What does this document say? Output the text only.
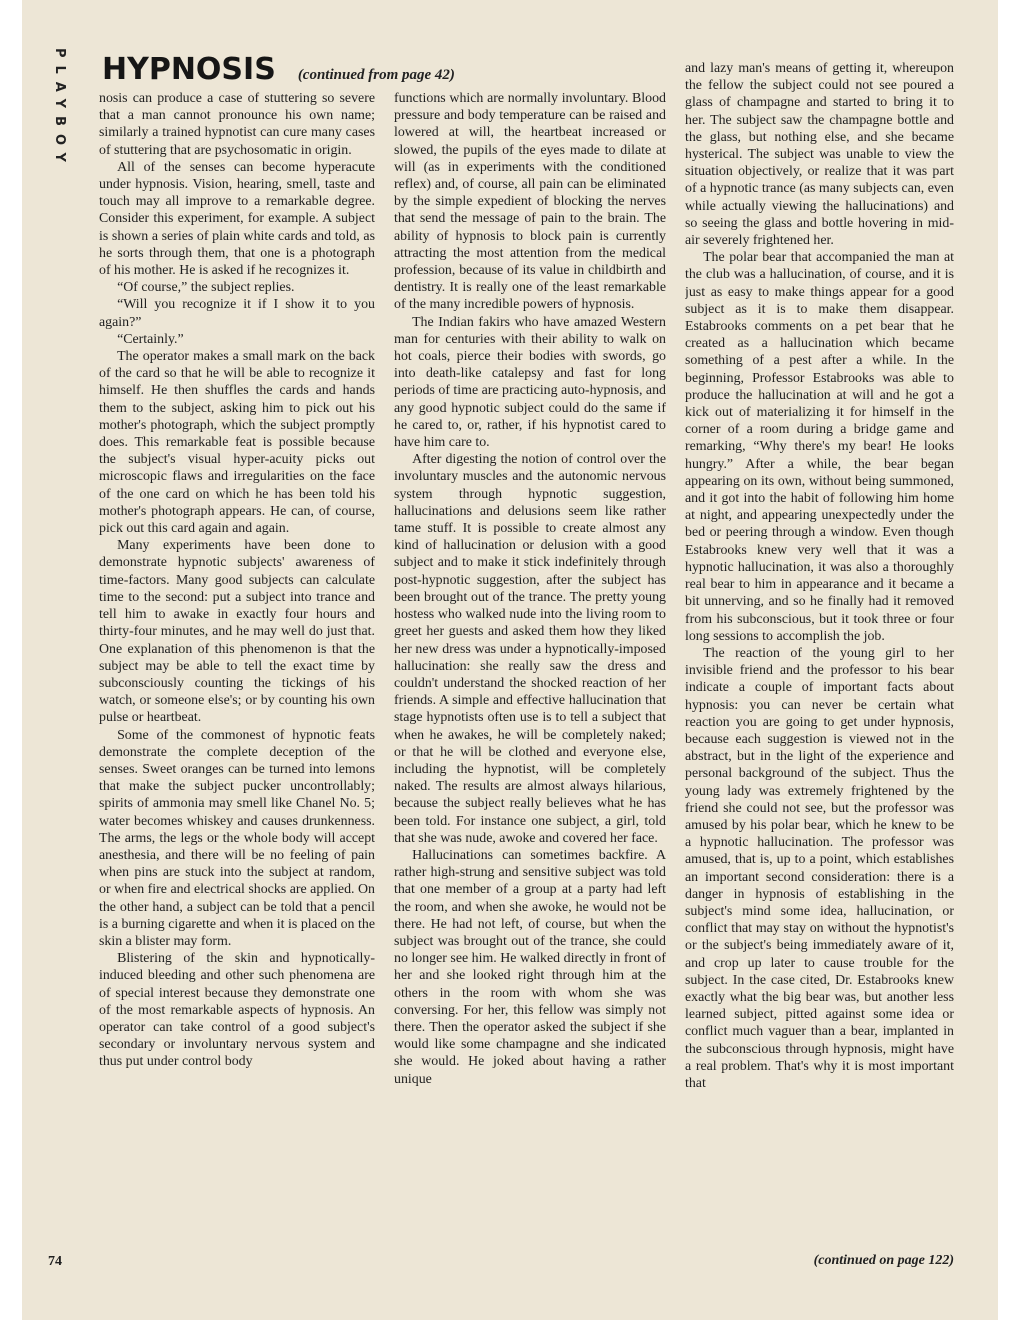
PLAYBOY HYPNOSIS (continued from page 42)

nosis can produce a case of stuttering so severe that a man cannot pronounce his own name; similarly a trained hypnotist can cure many cases of stuttering that are psychosomatic in origin.

All of the senses can become hyperacute under hypnosis. Vision, hearing, smell, taste and touch may all improve to a remarkable degree. Consider this experiment, for example. A subject is shown a series of plain white cards and told, as he sorts through them, that one is a photograph of his mother. He is asked if he recognizes it.

“Of course,” the subject replies.

“Will you recognize it if I show it to you again?”

“Certainly.”

The operator makes a small mark on the back of the card so that he will be able to recognize it himself. He then shuffles the cards and hands them to the subject, asking him to pick out his mother's photograph, which the subject promptly does. This remarkable feat is possible because the subject's visual hyper-acuity picks out microscopic flaws and irregularities on the face of the one card on which he has been told his mother's photograph appears. He can, of course, pick out this card again and again.

Many experiments have been done to demonstrate hypnotic subjects' awareness of time-factors. Many good subjects can calculate time to the second: put a subject into trance and tell him to awake in exactly four hours and thirty-four minutes, and he may well do just that. One explanation of this phenomenon is that the subject may be able to tell the exact time by subconsciously counting the tickings of his watch, or someone else's; or by counting his own pulse or heartbeat.

Some of the commonest of hypnotic feats demonstrate the complete deception of the senses. Sweet oranges can be turned into lemons that make the subject pucker uncontrollably; spirits of ammonia may smell like Chanel No. 5; water becomes whiskey and causes drunkenness. The arms, the legs or the whole body will accept anesthesia, and there will be no feeling of pain when pins are stuck into the subject at random, or when fire and electrical shocks are applied. On the other hand, a subject can be told that a pencil is a burning cigarette and when it is placed on the skin a blister may form.

Blistering of the skin and hypnotically-induced bleeding and other such phenomena are of special interest because they demonstrate one of the most remarkable aspects of hypnosis. An operator can take control of a good subject's secondary or involuntary nervous system and thus put under control body

functions which are normally involuntary. Blood pressure and body temperature can be raised and lowered at will, the heartbeat increased or slowed, the pupils of the eyes made to dilate at will (as in experiments with the conditioned reflex) and, of course, all pain can be eliminated by the simple expedient of blocking the nerves that send the message of pain to the brain. The ability of hypnosis to block pain is currently attracting the most attention from the medical profession, because of its value in childbirth and dentistry. It is really one of the least remarkable of the many incredible powers of hypnosis.

The Indian fakirs who have amazed Western man for centuries with their ability to walk on hot coals, pierce their bodies with swords, go into death-like catalepsy and fast for long periods of time are practicing auto-hypnosis, and any good hypnotic subject could do the same if he cared to, or, rather, if his hypnotist cared to have him care to.

After digesting the notion of control over the involuntary muscles and the autonomic nervous system through hypnotic suggestion, hallucinations and delusions seem like rather tame stuff. It is possible to create almost any kind of hallucination or delusion with a good subject and to make it stick indefinitely through post-hypnotic suggestion, after the subject has been brought out of the trance. The pretty young hostess who walked nude into the living room to greet her guests and asked them how they liked her new dress was under a hypnotically-imposed hallucination: she really saw the dress and couldn't understand the shocked reaction of her friends. A simple and effective hallucination that stage hypnotists often use is to tell a subject that when he awakes, he will be completely naked; or that he will be clothed and everyone else, including the hypnotist, will be completely naked. The results are almost always hilarious, because the subject really believes what he has been told. For instance one subject, a girl, told that she was nude, awoke and covered her face.

Hallucinations can sometimes backfire. A rather high-strung and sensitive subject was told that one member of a group at a party had left the room, and when she awoke, he would not be there. He had not left, of course, but when the subject was brought out of the trance, she could no longer see him. He walked directly in front of her and she looked right through him at the others in the room with whom she was conversing. For her, this fellow was simply not there. Then the operator asked the subject if she would like some champagne and she indicated she would. He joked about having a rather unique

and lazy man's means of getting it, whereupon the fellow the subject could not see poured a glass of champagne and started to bring it to her. The subject saw the champagne bottle and the glass, but nothing else, and she became hysterical. The subject was unable to view the situation objectively, or realize that it was part of a hypnotic trance (as many subjects can, even while actually viewing the hallucinations) and so seeing the glass and bottle hovering in mid-air severely frightened her.

The polar bear that accompanied the man at the club was a hallucination, of course, and it is just as easy to make things appear for a good subject as it is to make them disappear. Estabrooks comments on a pet bear that he created as a hallucination which became something of a pest after a while. In the beginning, Professor Estabrooks was able to produce the hallucination at will and he got a kick out of materializing it for himself in the corner of a room during a bridge game and remarking, “Why there's my bear! He looks hungry.” After a while, the bear began appearing on its own, without being summoned, and it got into the habit of following him home at night, and appearing unexpectedly under the bed or peering through a window. Even though Estabrooks knew very well that it was a hypnotic hallucination, it was also a thoroughly real bear to him in appearance and it became a bit unnerving, and so he finally had it removed from his subconscious, but it took three or four long sessions to accomplish the job.

The reaction of the young girl to her invisible friend and the professor to his bear indicate a couple of important facts about hypnosis: you can never be certain what reaction you are going to get under hypnosis, because each suggestion is viewed not in the abstract, but in the light of the experience and personal background of the subject. Thus the young lady was extremely frightened by the friend she could not see, but the professor was amused by his polar bear, which he knew to be a hypnotic hallucination. The professor was amused, that is, up to a point, which establishes an important second consideration: there is a danger in hypnosis of establishing in the subject's mind some idea, hallucination, or conflict that may stay on without the hypnotist's or the subject's being immediately aware of it, and crop up later to cause trouble for the subject. In the case cited, Dr. Estabrooks knew exactly what the big bear was, but another less learned subject, pitted against some idea or conflict much vaguer than a bear, implanted in the subconscious through hypnosis, might have a real problem. That's why it is most important that

(continued on page 122)
74
